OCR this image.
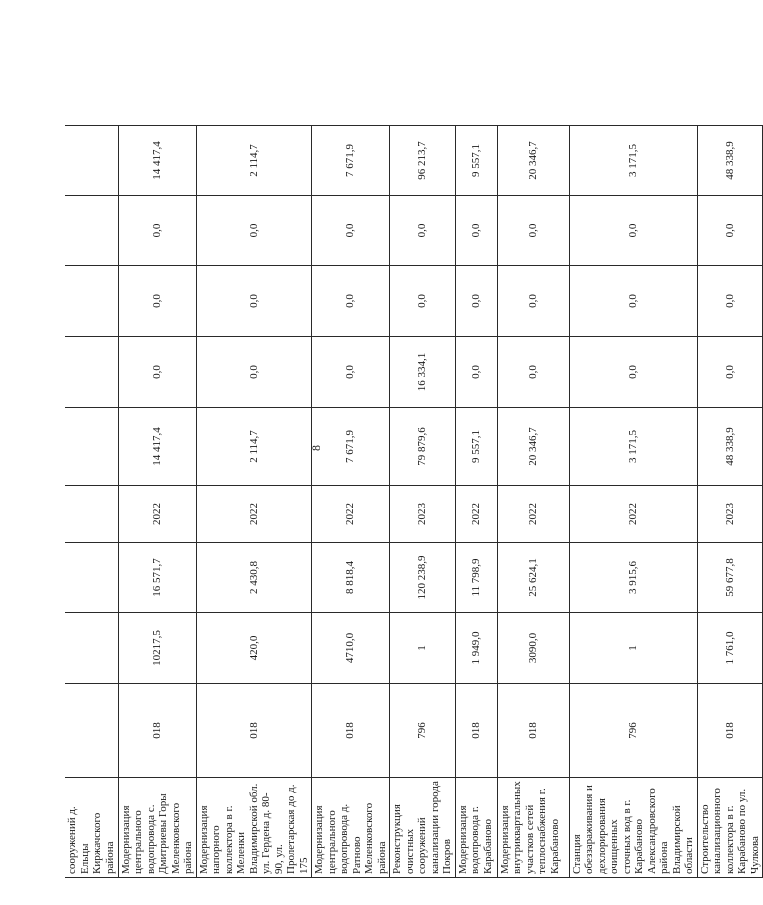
8
сооружений д. Ельцы Киржачского района									
Модернизация центрального водопровода с. Дмитриевы Горы Меленковского района	018	10217,5	16 571,7	2022	14 417,4	0,0	0,0	0,0	14 417,4
Модернизация напорного коллектора в г. Меленки Владимирской обл. ул. Гердена д. 80-90, ул. Пролетарская до д. 175	018	420,0	2 430,8	2022	2 114,7	0,0	0,0	0,0	2 114,7
Модернизация центрального водопровода д. Ратново Меленковского района	018	4710,0	8 818,4	2022	7 671,9	0,0	0,0	0,0	7 671,9
Реконструкция очистных сооружений канализации города Покров	796	1	120 238,9	2023	79 879,6	16 334,1	0,0	0,0	96 213,7
Модернизация водопровода г. Карабаново	018	1 949,0	11 798,9	2022	9 557,1	0,0	0,0	0,0	9 557,1
Модернизация внутриквартальных участков сетей теплоснабжения г. Карабаново	018	3090,0	25 624,1	2022	20 346,7	0,0	0,0	0,0	20 346,7
Станция обеззараживания и дехлорирования очищенных сточных вод в г. Карабаново Александровского района Владимирской области	796	1	3 915,6	2022	3 171,5	0,0	0,0	0,0	3 171,5
Строительство канализационного коллектора в г. Карабаново по ул. Чулкова	018	1 761,0	59 677,8	2023	48 338,9	0,0	0,0	0,0	48 338,9
